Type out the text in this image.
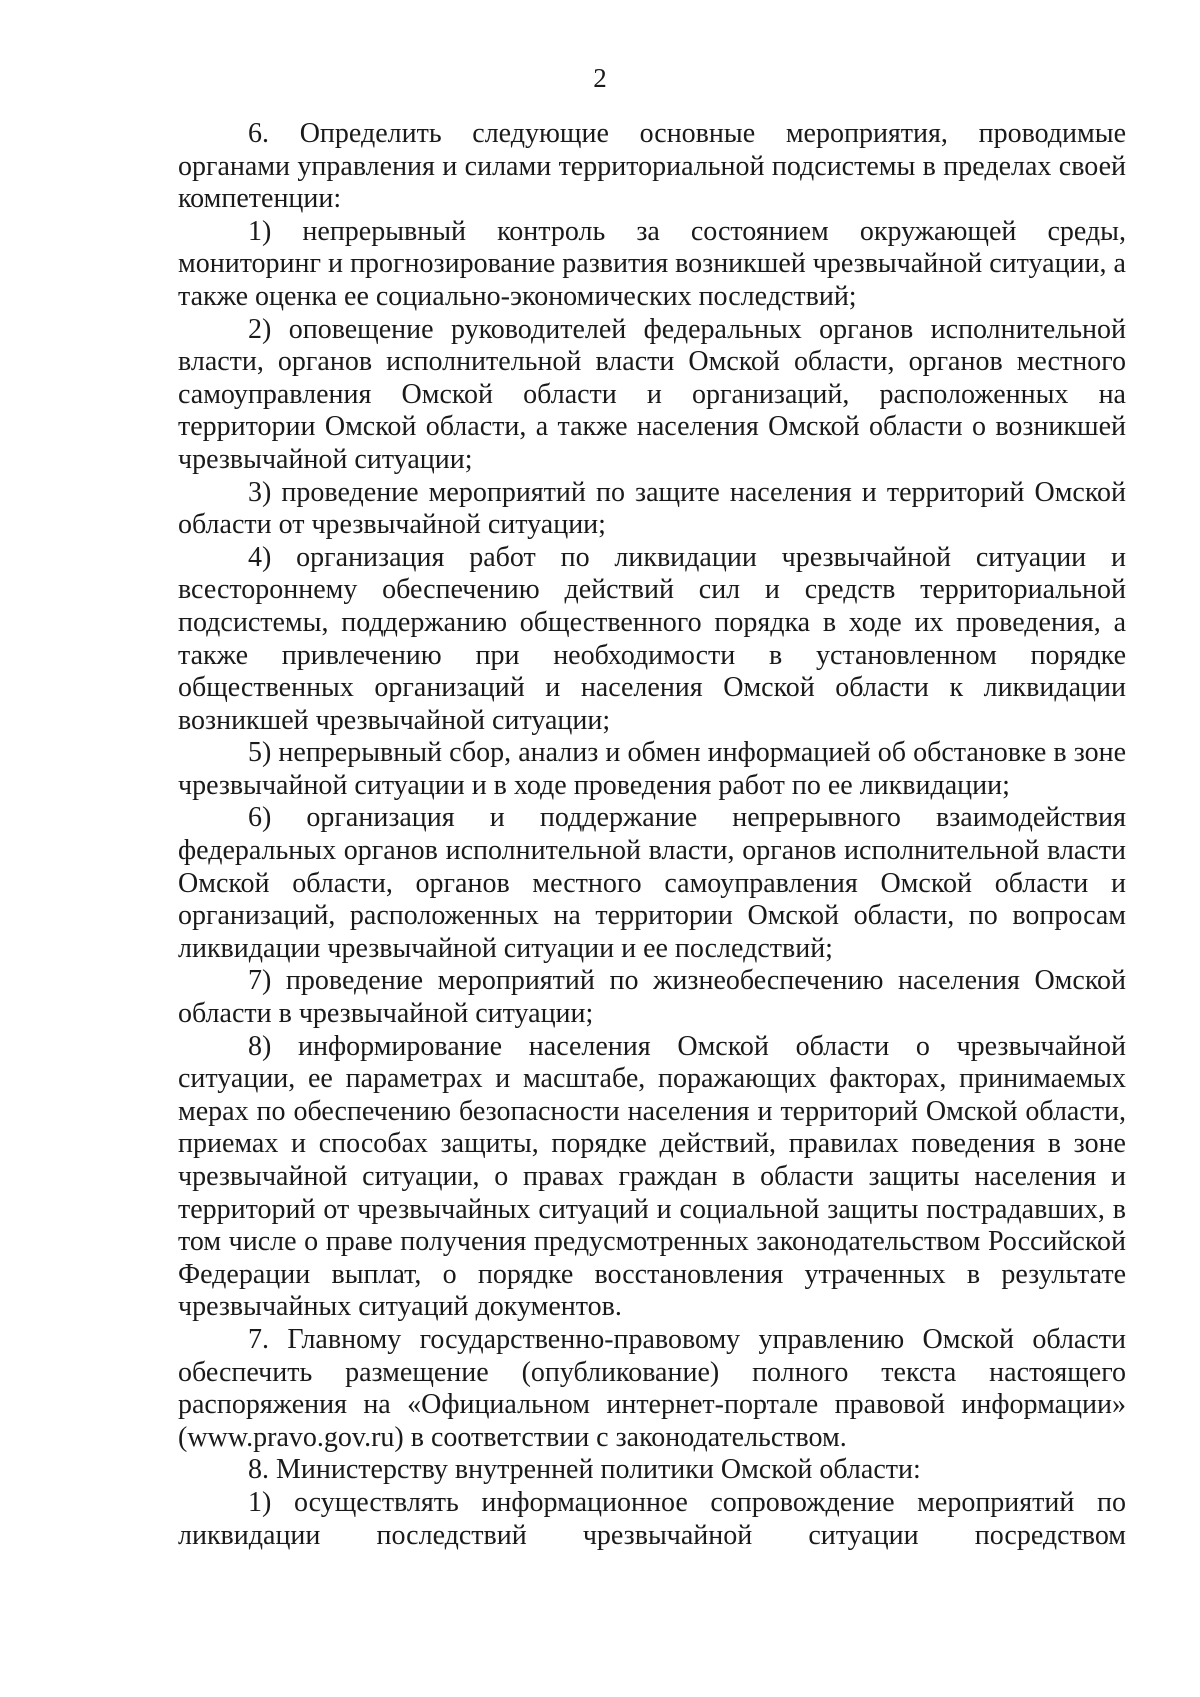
2

6. Определить следующие основные мероприятия, проводимые органами управления и силами территориальной подсистемы в пределах своей компетенции:

1) непрерывный контроль за состоянием окружающей среды, мониторинг и прогнозирование развития возникшей чрезвычайной ситуации, а также оценка ее социально-экономических последствий;

2) оповещение руководителей федеральных органов исполнительной власти, органов исполнительной власти Омской области, органов местного самоуправления Омской области и организаций, расположенных на территории Омской области, а также населения Омской области о возникшей чрезвычайной ситуации;

3) проведение мероприятий по защите населения и территорий Омской области от чрезвычайной ситуации;

4) организация работ по ликвидации чрезвычайной ситуации и всестороннему обеспечению действий сил и средств территориальной подсистемы, поддержанию общественного порядка в ходе их проведения, а также привлечению при необходимости в установленном порядке общественных организаций и населения Омской области к ликвидации возникшей чрезвычайной ситуации;

5) непрерывный сбор, анализ и обмен информацией об обстановке в зоне чрезвычайной ситуации и в ходе проведения работ по ее ликвидации;

6) организация и поддержание непрерывного взаимодействия федеральных органов исполнительной власти, органов исполнительной власти Омской области, органов местного самоуправления Омской области и организаций, расположенных на территории Омской области, по вопросам ликвидации чрезвычайной ситуации и ее последствий;

7) проведение мероприятий по жизнеобеспечению населения Омской области в чрезвычайной ситуации;

8) информирование населения Омской области о чрезвычайной ситуации, ее параметрах и масштабе, поражающих факторах, принимаемых мерах по обеспечению безопасности населения и территорий Омской области, приемах и способах защиты, порядке действий, правилах поведения в зоне чрезвычайной ситуации, о правах граждан в области защиты населения и территорий от чрезвычайных ситуаций и социальной защиты пострадавших, в том числе о праве получения предусмотренных законодательством Российской Федерации выплат, о порядке восстановления утраченных в результате чрезвычайных ситуаций документов.

7. Главному государственно-правовому управлению Омской области обеспечить размещение (опубликование) полного текста настоящего распоряжения на «Официальном интернет-портале правовой информации» (www.pravo.gov.ru) в соответствии с законодательством.

8. Министерству внутренней политики Омской области:

1) осуществлять информационное сопровождение мероприятий по ликвидации последствий чрезвычайной ситуации посредством
